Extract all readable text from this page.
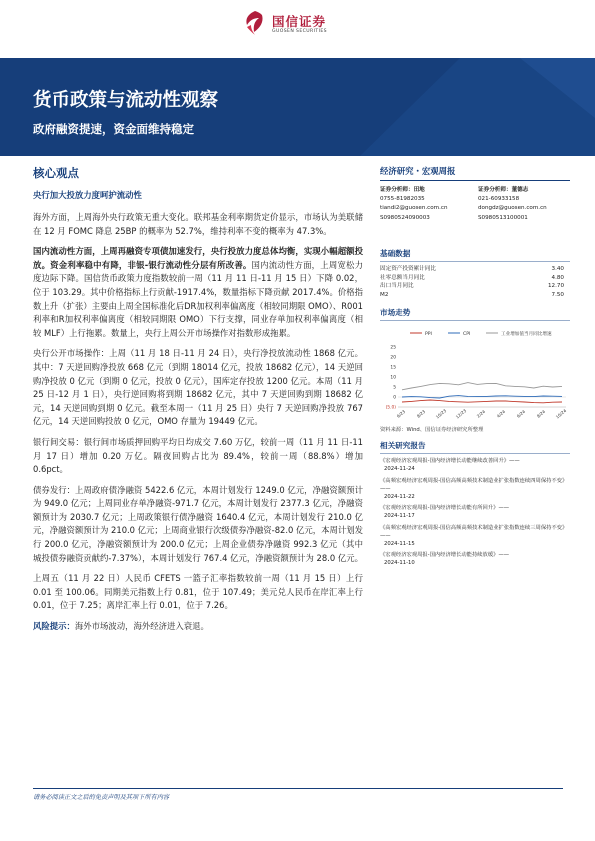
国信证券
GUOSEN SECURITIES
货币政策与流动性观察
政府融资提速，资金面维持稳定
核心观点
央行加大投放力度呵护流动性

海外方面，上周海外央行政策无重大变化。联邦基金利率期货定价显示，市场认为美联储在 12 月 FOMC 降息 25BP 的概率为 52.7%，维持利率不变的概率为 47.3%。

国内流动性方面，上周再融资专项债加速发行，央行投放力度总体均衡，实现小幅超额投放。资金利率稳中有降，非银-银行流动性分层有所改善。国内流动性方面，上周宽松力度边际下降。国信货币政策力度指数较前一周（11 月 11 日-11 月 15 日）下降 0.02，位于 103.29。其中价格指标上行贡献-1917.4%，数量指标下降贡献 2017.4%。价格指数上升（扩张）主要由上周全国标准化后DR加权利率偏离度（相较同期限 OMO）、R001 利率和R加权利率偏离度（相较同期限 OMO）下行支撑，同业存单加权利率偏离度（相较 MLF）上行拖累。数量上，央行上周公开市场操作对指数形成拖累。

央行公开市场操作：上周（11 月 18 日-11 月 24 日），央行净投放流动性 1868 亿元。其中：7 天逆回购净投放 668 亿元（到期 18014 亿元，投放 18682 亿元），14 天逆回购净投放 0 亿元（到期 0 亿元，投放 0 亿元），国库定存投放 1200 亿元。本周（11 月 25 日-12 月 1 日），央行逆回购将到期 18682 亿元，其中 7 天逆回购到期 18682 亿元，14 天逆回购到期 0 亿元。截至本周一（11 月 25 日）央行 7 天逆回购净投放 767 亿元，14 天逆回购投放 0 亿元，OMO 存量为 19449 亿元。

银行间交易：银行间市场质押回购平均日均成交 7.60 万亿，较前一周（11 月 11 日-11 月 17 日）增加 0.20 万亿。隔夜回购占比为 89.4%，较前一周（88.8%）增加 0.6pct。

债券发行：上周政府债净融资 5422.6 亿元，本周计划发行 1249.0 亿元，净融资额预计为 949.0 亿元；上周同业存单净融资-971.7 亿元，本周计划发行 2377.3 亿元，净融资额预计为 2030.7 亿元；上周政策银行债净融资 1640.4 亿元，本周计划发行 210.0 亿元，净融资额预计为 210.0 亿元；上周商业银行次级债券净融资-82.0 亿元，本周计划发行 200.0 亿元，净融资额预计为 200.0 亿元；上周企业债券净融资 992.3 亿元（其中城投债券融资贡献约-7.37%），本周计划发行 767.4 亿元，净融资额预计为 28.0 亿元。

上周五（11 月 22 日）人民币 CFETS 一篮子汇率指数较前一周（11 月 15 日）上行 0.01 至 100.06。同期美元指数上行 0.81，位于 107.49；美元兑人民币在岸汇率上行 0.01，位于 7.25；离岸汇率上行 0.01，位于 7.26。

风险提示：海外市场波动，海外经济进入衰退。

经济研究・宏观周报
证券分析师：田地
0755-81982035
tiandi2@guosen.com.cn
S0980524090003
证券分析师：董德志
021-60933158
dongdz@guosen.com.cn
S0980513100001
基础数据
固定资产投资累计同比	3.40
社零总额当月同比	4.80
出口当月同比	12.70
M2	7.50
市场走势
PPI	CPI	工业增加值当月同比增速
25
20
15
10
5
0
(5.0)
6/23 8/23 10/23 12/23 2/24 4/24 6/24 8/24 10/24
资料来源：Wind、国信证券经济研究所整理
相关研究报告
《宏观经济宏观周报-国内经济增长动能继续改善回升》——
2024-11-24
《高频宏观经济宏观周报-国信高频高频技术制造业扩张指数连续四周保持不变》——
2024-11-22
《宏观经济宏观周报-国内经济增长动能有所回升》——
2024-11-17
《高频宏观经济宏观周报-国信高频高频技术制造业扩张指数连续三周保持不变》——
2024-11-15
《宏观经济宏观周报-国内经济增长动能持续放缓》——
2024-11-10
请务必阅读正文之后的免责声明及其项下所有内容
